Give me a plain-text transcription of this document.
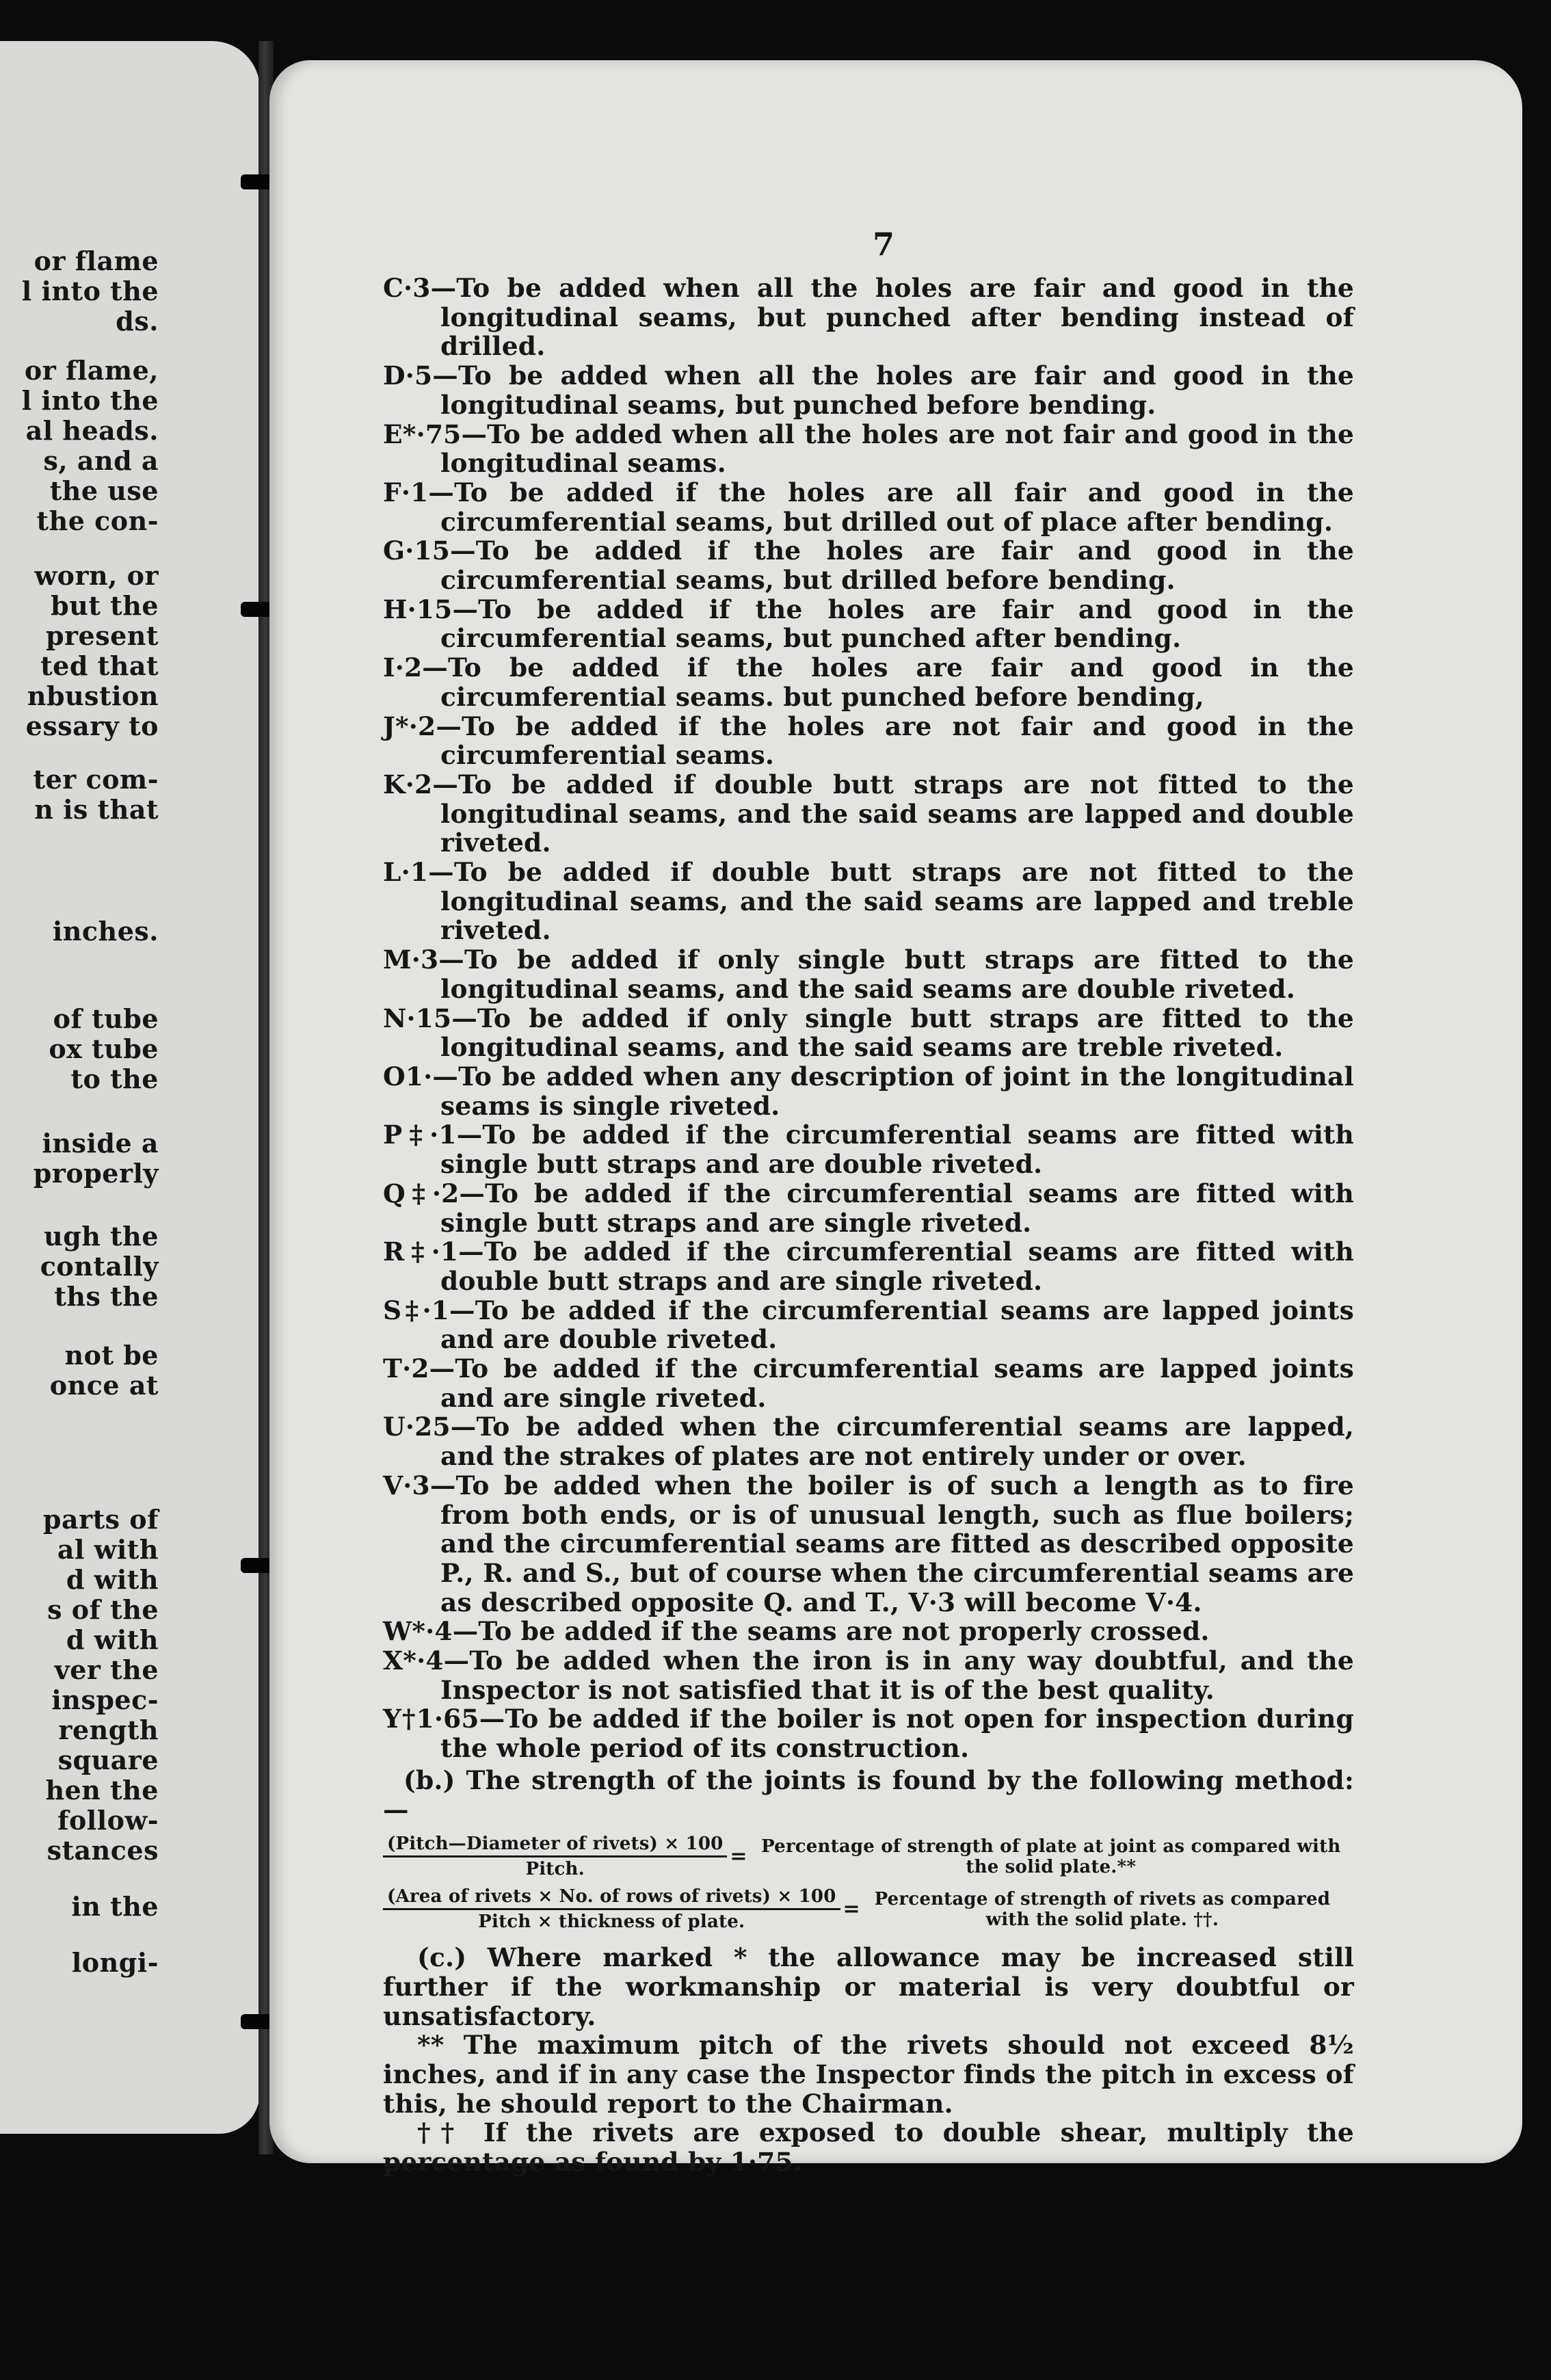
or flame
l into the
ds.
or flame,
l into the
al heads.
s, and a
the use
the con-
worn, or
but the
present
ted that
nbustion
essary to
ter com-
n is that
inches.
of tube
ox tube
to the
inside a
properly
ugh the
contally
ths the
not be
once at
parts of
al with
d with
s of the
d with
ver the
inspec-
rength
square
hen the
follow-
stances
in the
longi-
7

C·3—To be added when all the holes are fair and good in the longitudinal seams, but punched after bending instead of drilled.

D·5—To be added when all the holes are fair and good in the longitudinal seams, but punched before bending.

E*·75—To be added when all the holes are not fair and good in the longitudinal seams.

F·1—To be added if the holes are all fair and good in the circumferential seams, but drilled out of place after bending.

G·15—To be added if the holes are fair and good in the circumferential seams, but drilled before bending.

H·15—To be added if the holes are fair and good in the circumferential seams, but punched after bending.

I·2—To be added if the holes are fair and good in the circumferential seams. but punched before bending,

J*·2—To be added if the holes are not fair and good in the circumferential seams.

K·2—To be added if double butt straps are not fitted to the longitudinal seams, and the said seams are lapped and double riveted.

L·1—To be added if double butt straps are not fitted to the longitudinal seams, and the said seams are lapped and treble riveted.

M·3—To be added if only single butt straps are fitted to the longitudinal seams, and the said seams are double riveted.

N·15—To be added if only single butt straps are fitted to the longitudinal seams, and the said seams are treble riveted.

O1·—To be added when any description of joint in the longitudinal seams is single riveted.

P‡·1—To be added if the circumferential seams are fitted with single butt straps and are double riveted.

Q‡·2—To be added if the circumferential seams are fitted with single butt straps and are single riveted.

R‡·1—To be added if the circumferential seams are fitted with double butt straps and are single riveted.

S‡·1—To be added if the circumferential seams are lapped joints and are double riveted.

T·2—To be added if the circumferential seams are lapped joints and are single riveted.

U·25—To be added when the circumferential seams are lapped, and the strakes of plates are not entirely under or over.

V·3—To be added when the boiler is of such a length as to fire from both ends, or is of unusual length, such as flue boilers; and the circumferential seams are fitted as described opposite P., R. and S., but of course when the circumferential seams are as described opposite Q. and T., V·3 will become V·4.

W*·4—To be added if the seams are not properly crossed.

X*·4—To be added when the iron is in any way doubtful, and the Inspector is not satisfied that it is of the best quality.

Y†1·65—To be added if the boiler is not open for inspection during the whole period of its construction.

(b.) The strength of the joints is found by the following method:—

$\frac{\text{(Pitch—Diameter of rivets) × 100}}{\text{Pitch.}}$ = Percentage of strength of plate at joint as compared with the solid plate.**
$\frac{\text{(Area of rivets × No. of rows of rivets) × 100}}{\text{Pitch × thickness of plate.}}$ = Percentage of strength of rivets as compared with the solid plate. ††.

(c.) Where marked * the allowance may be increased still further if the workmanship or material is very doubtful or unsatisfactory.

** The maximum pitch of the rivets should not exceed 8½ inches, and if in any case the Inspector finds the pitch in excess of this, he should report to the Chairman.

†† If the rivets are exposed to double shear, multiply the percentage as found by 1·75.
